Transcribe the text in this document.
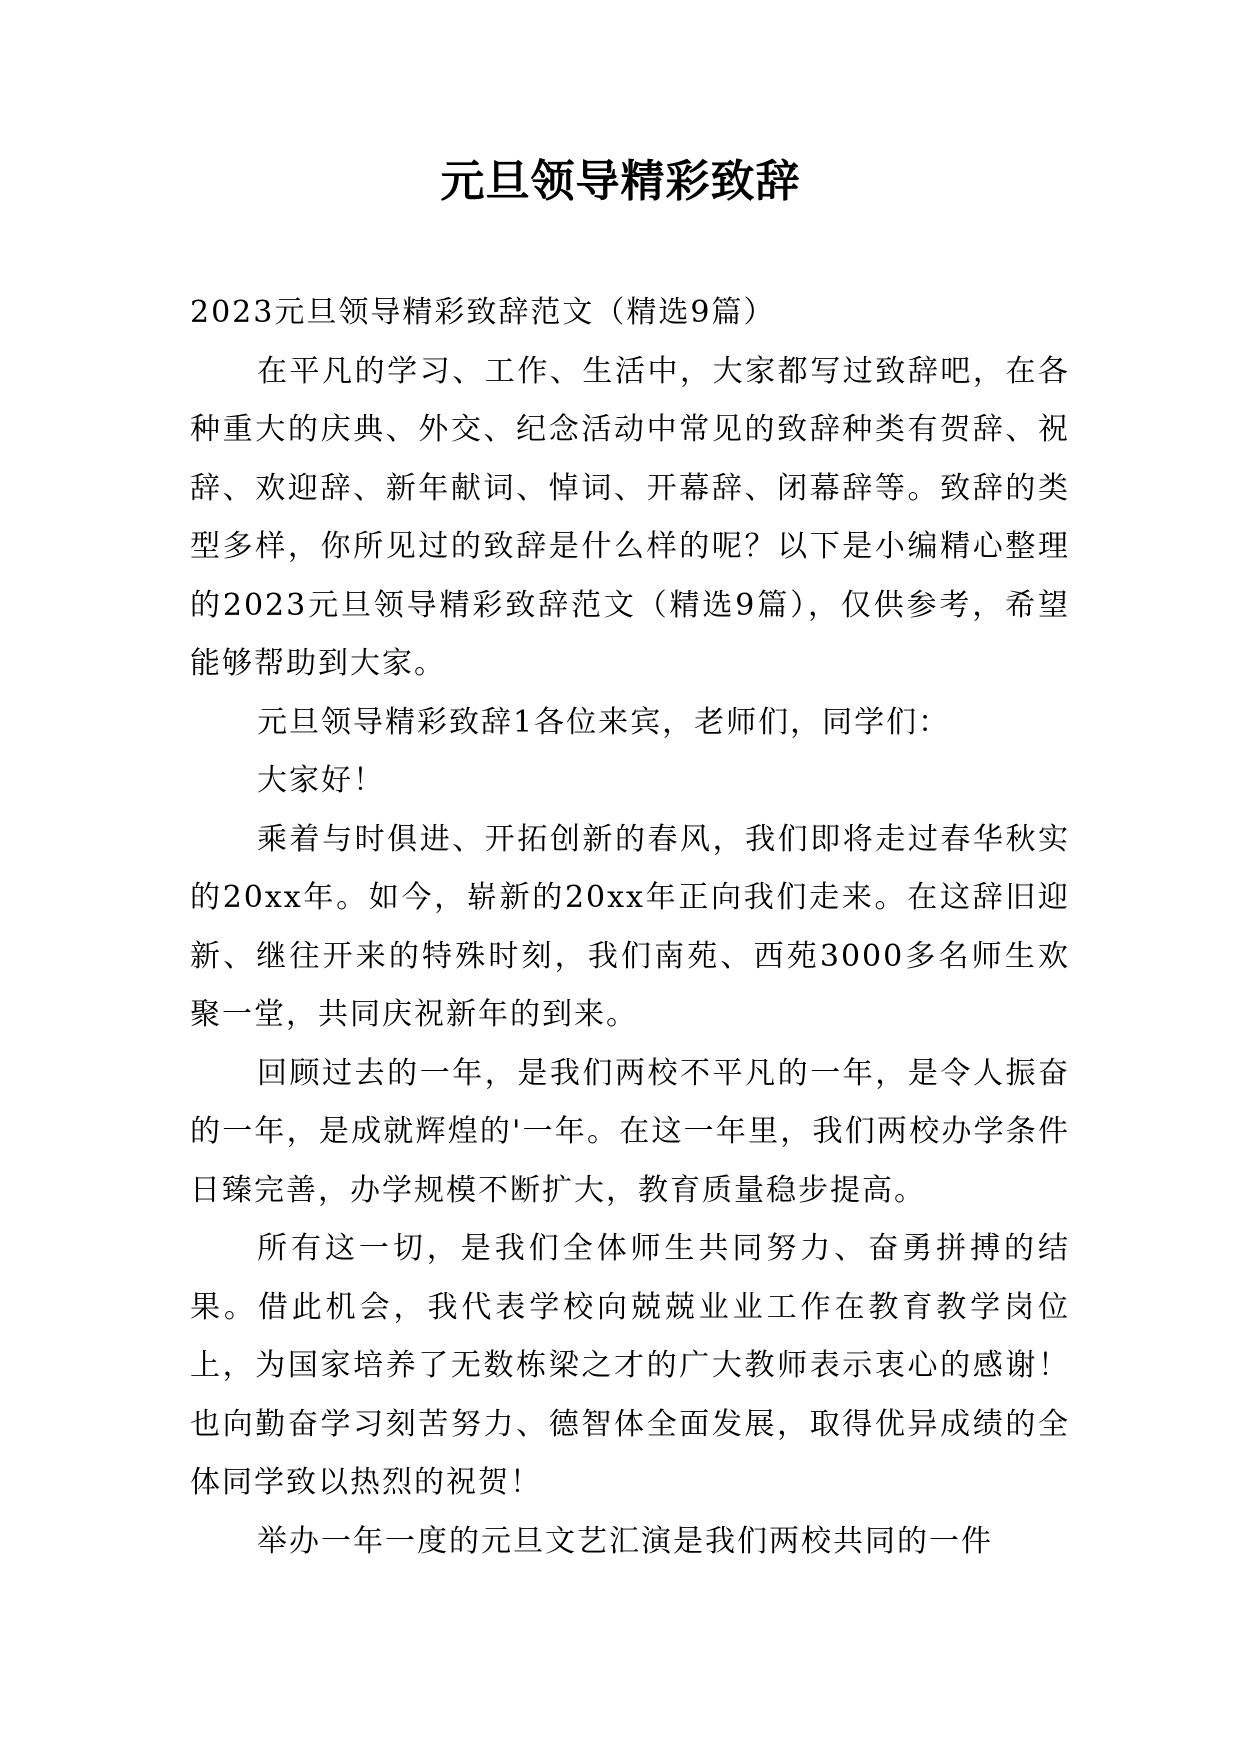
元旦领导精彩致辞

2023元旦领导精彩致辞范文（精选9篇）

在平凡的学习、工作、生活中，大家都写过致辞吧，在各种重大的庆典、外交、纪念活动中常见的致辞种类有贺辞、祝辞、欢迎辞、新年献词、悼词、开幕辞、闭幕辞等。致辞的类型多样，你所见过的致辞是什么样的呢？以下是小编精心整理的2023元旦领导精彩致辞范文（精选9篇），仅供参考，希望能够帮助到大家。

元旦领导精彩致辞1各位来宾，老师们，同学们：

大家好！

乘着与时俱进、开拓创新的春风，我们即将走过春华秋实的20xx年。如今，崭新的20xx年正向我们走来。在这辞旧迎新、继往开来的特殊时刻，我们南苑、西苑3000多名师生欢聚一堂，共同庆祝新年的到来。

回顾过去的一年，是我们两校不平凡的一年，是令人振奋的一年，是成就辉煌的'一年。在这一年里，我们两校办学条件日臻完善，办学规模不断扩大，教育质量稳步提高。

所有这一切，是我们全体师生共同努力、奋勇拼搏的结果。借此机会，我代表学校向兢兢业业工作在教育教学岗位上，为国家培养了无数栋梁之才的广大教师表示衷心的感谢！也向勤奋学习刻苦努力、德智体全面发展，取得优异成绩的全体同学致以热烈的祝贺！

举办一年一度的元旦文艺汇演是我们两校共同的一件
